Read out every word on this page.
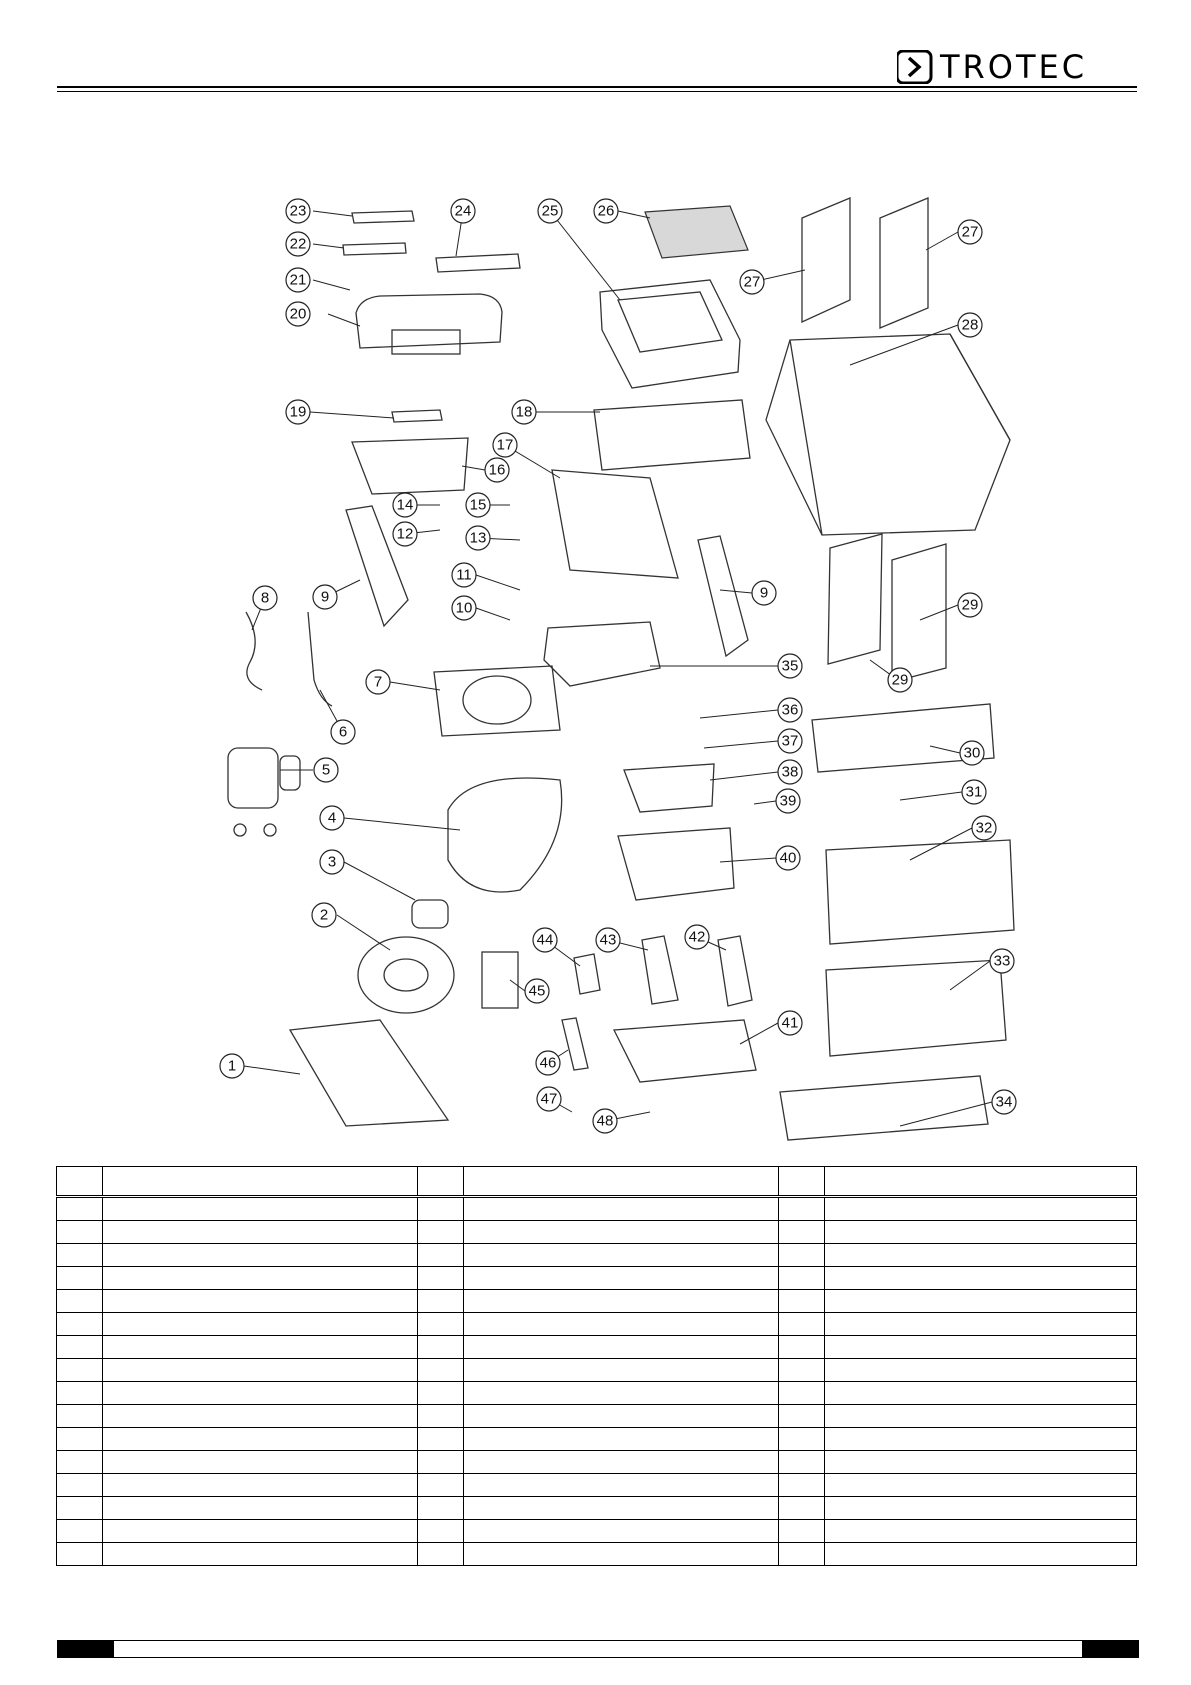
TROTEC
1
2
3
4
5
6
7
8	9	9
10
11
12	13
14	15
16
17
18
19
20
21
22
23	24	25	26
27
27
28
29
29
30
31
32
33
34
35
36
37
38
39
40
41
42
43
44
45
46
47
48
